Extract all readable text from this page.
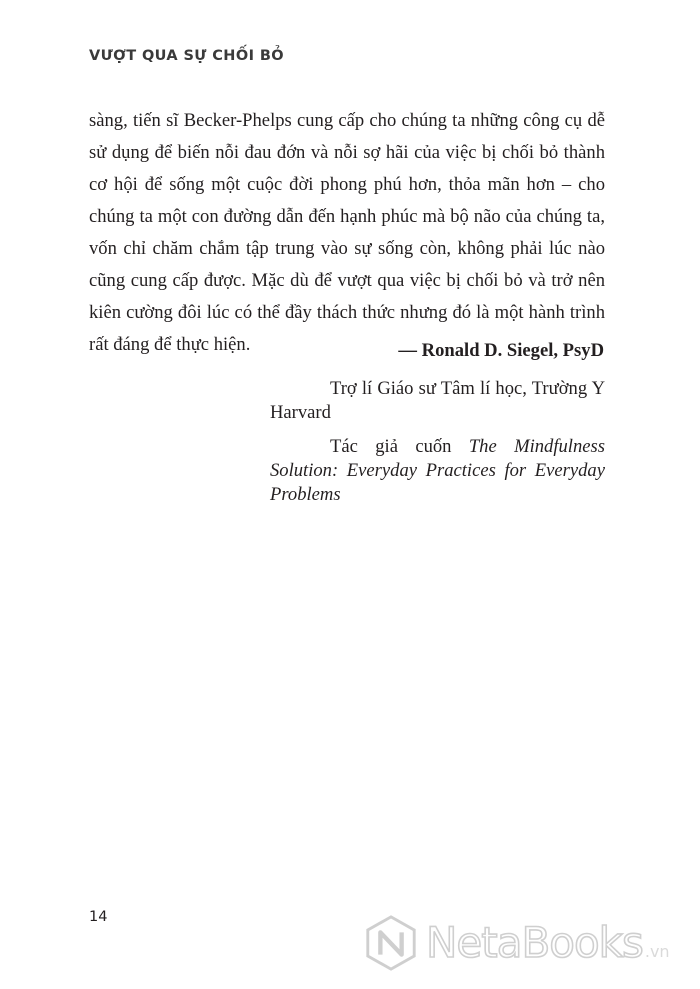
VƯỢT QUA SỰ CHỐI BỎ

sàng, tiến sĩ Becker-Phelps cung cấp cho chúng ta những công cụ dễ sử dụng để biến nỗi đau đớn và nỗi sợ hãi của việc bị chối bỏ thành cơ hội để sống một cuộc đời phong phú hơn, thỏa mãn hơn – cho chúng ta một con đường dẫn đến hạnh phúc mà bộ não của chúng ta, vốn chỉ chăm chắm tập trung vào sự sống còn, không phải lúc nào cũng cung cấp được. Mặc dù để vượt qua việc bị chối bỏ và trở nên kiên cường đôi lúc có thể đầy thách thức nhưng đó là một hành trình rất đáng để thực hiện.	— Ronald D. Siegel, PsyD

Trợ lí Giáo sư Tâm lí học, Trường Y Harvard

Tác giả cuốn The Mindfulness Solution: Everyday Practices for Everyday Problems

14
NetaBooks .vn
